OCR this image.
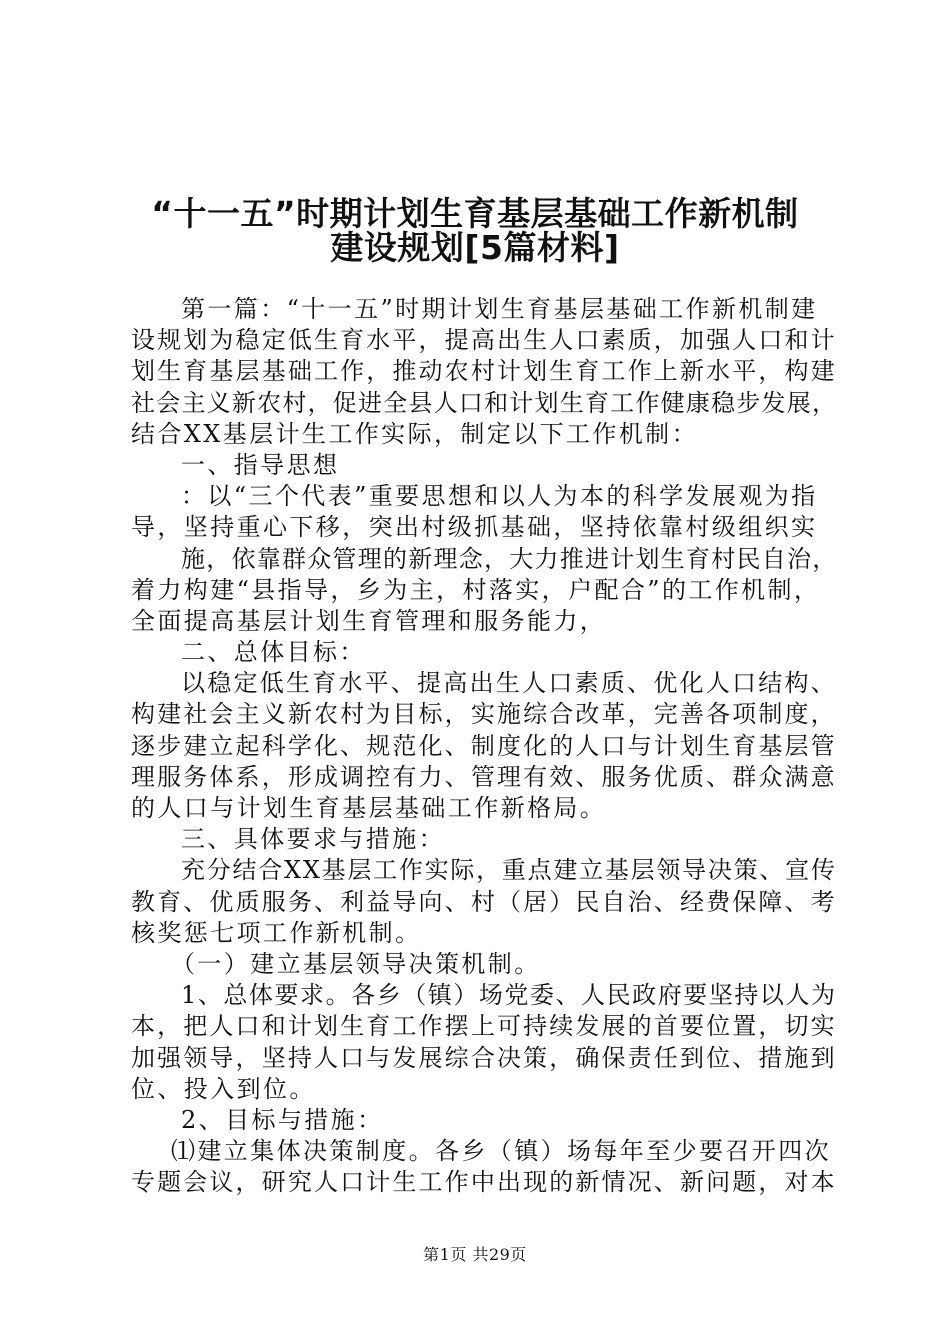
“十一五”时期计划生育基层基础工作新机制
建设规划[5篇材料]
第一篇：“十一五”时期计划生育基层基础工作新机制建
设规划为稳定低生育水平，提高出生人口素质，加强人口和计
划生育基层基础工作，推动农村计划生育工作上新水平，构建
社会主义新农村，促进全县人口和计划生育工作健康稳步发展，
结合XX基层计生工作实际，制定以下工作机制：
一、指导思想
：以“三个代表”重要思想和以人为本的科学发展观为指
导，坚持重心下移，突出村级抓基础，坚持依靠村级组织实
施，依靠群众管理的新理念，大力推进计划生育村民自治，
着力构建“县指导，乡为主，村落实，户配合”的工作机制，
全面提高基层计划生育管理和服务能力，
二、总体目标：
以稳定低生育水平、提高出生人口素质、优化人口结构、
构建社会主义新农村为目标，实施综合改革，完善各项制度，
逐步建立起科学化、规范化、制度化的人口与计划生育基层管
理服务体系，形成调控有力、管理有效、服务优质、群众满意
的人口与计划生育基层基础工作新格局。
三、具体要求与措施：
充分结合XX基层工作实际，重点建立基层领导决策、宣传
教育、优质服务、利益导向、村（居）民自治、经费保障、考
核奖惩七项工作新机制。
（一）建立基层领导决策机制。
1、总体要求。各乡（镇）场党委、人民政府要坚持以人为
本，把人口和计划生育工作摆上可持续发展的首要位置，切实
加强领导，坚持人口与发展综合决策，确保责任到位、措施到
位、投入到位。
2、目标与措施：
⑴建立集体决策制度。各乡（镇）场每年至少要召开四次
专题会议，研究人口计生工作中出现的新情况、新问题，对本
第1页 共29页
